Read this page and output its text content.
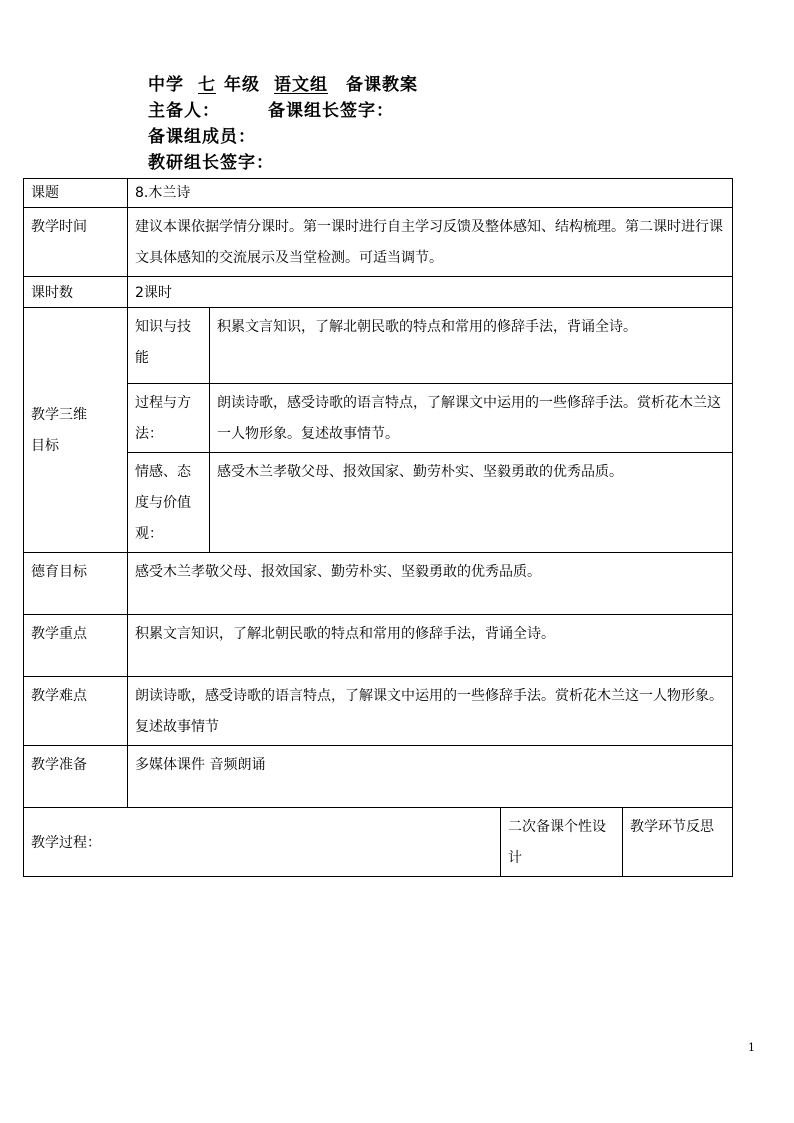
中学 七 年级 语文组 备课教案
主备人：	备课组长签字：
备课组成员：
教研组长签字：
课题	8.木兰诗			
教学时间	建议本课依据学情分课时。第一课时进行自主学习反馈及整体感知、结构梳理。第二课时进行课文具体感知的交流展示及当堂检测。可适当调节。			
课时数	2课时			
教学三维目标	知识与技能	积累文言知识，了解北朝民歌的特点和常用的修辞手法，背诵全诗。		
	过程与方法：	朗读诗歌，感受诗歌的语言特点，了解课文中运用的一些修辞手法。赏析花木兰这一人物形象。复述故事情节。		
	情感、态度与价值观：	感受木兰孝敬父母、报效国家、勤劳朴实、坚毅勇敢的优秀品质。		
德育目标	感受木兰孝敬父母、报效国家、勤劳朴实、坚毅勇敢的优秀品质。			
教学重点	积累文言知识，了解北朝民歌的特点和常用的修辞手法，背诵全诗。			
教学难点	朗读诗歌，感受诗歌的语言特点，了解课文中运用的一些修辞手法。赏析花木兰这一人物形象。复述故事情节			
教学准备	多媒体课件 音频朗诵			
教学过程：			二次备课个性设计	教学环节反思
1
